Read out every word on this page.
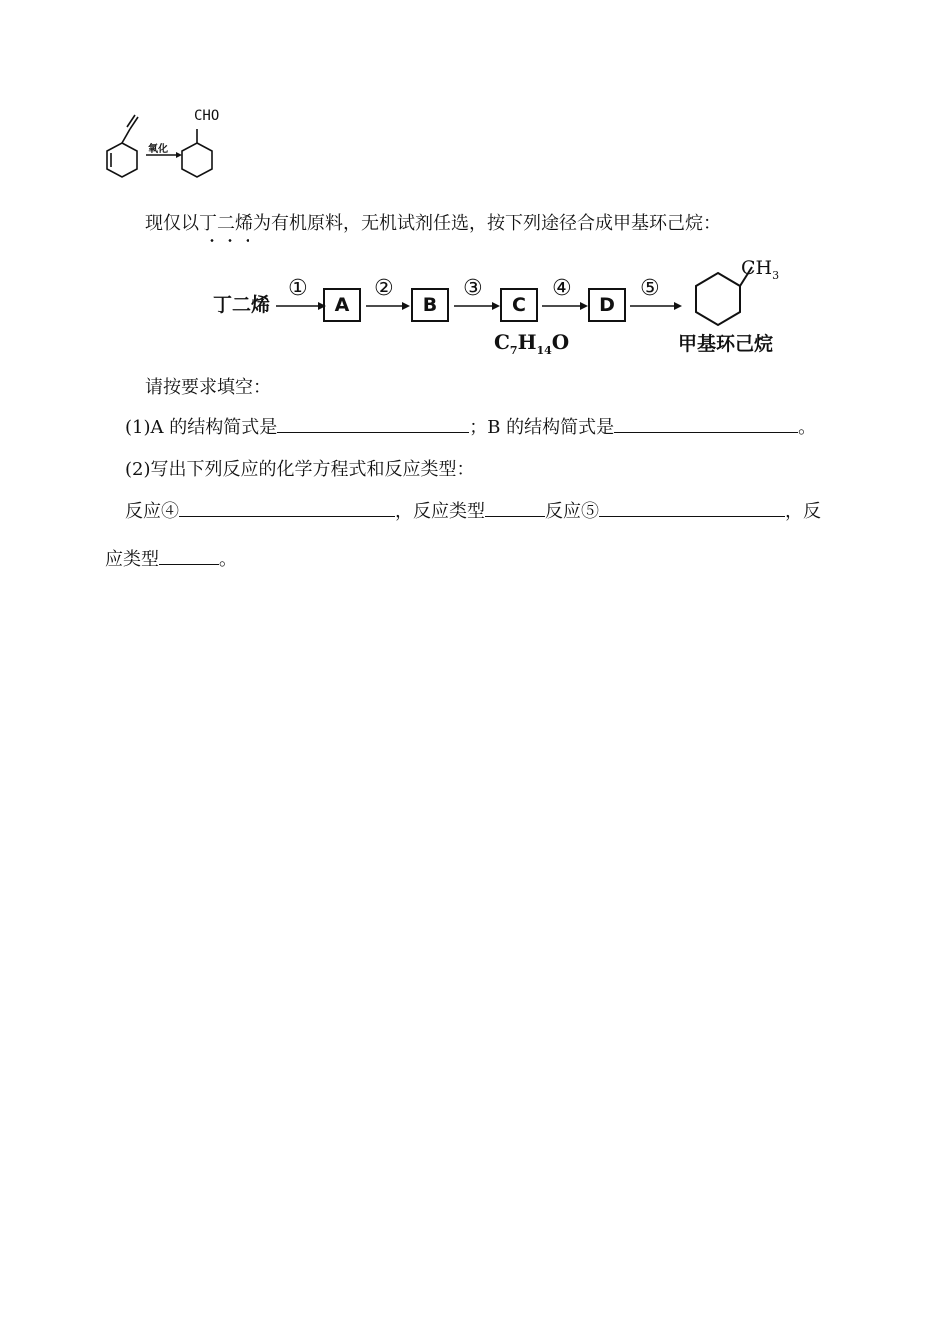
氧化
CHO
现仅以丁二烯为有机原料，无机试剂任选，按下列途径合成甲基环己烷：
丁二烯
①	②	③	④	⑤
A	B	C	D
$C_7H_{14}O$
$CH_3$
甲基环己烷
请按要求填空：
(1)A 的结构简式是	；B 的结构简式是	。
(2)写出下列反应的化学方程式和反应类型：
反应④	，反应类型	反应⑤	，反
应类型	。
